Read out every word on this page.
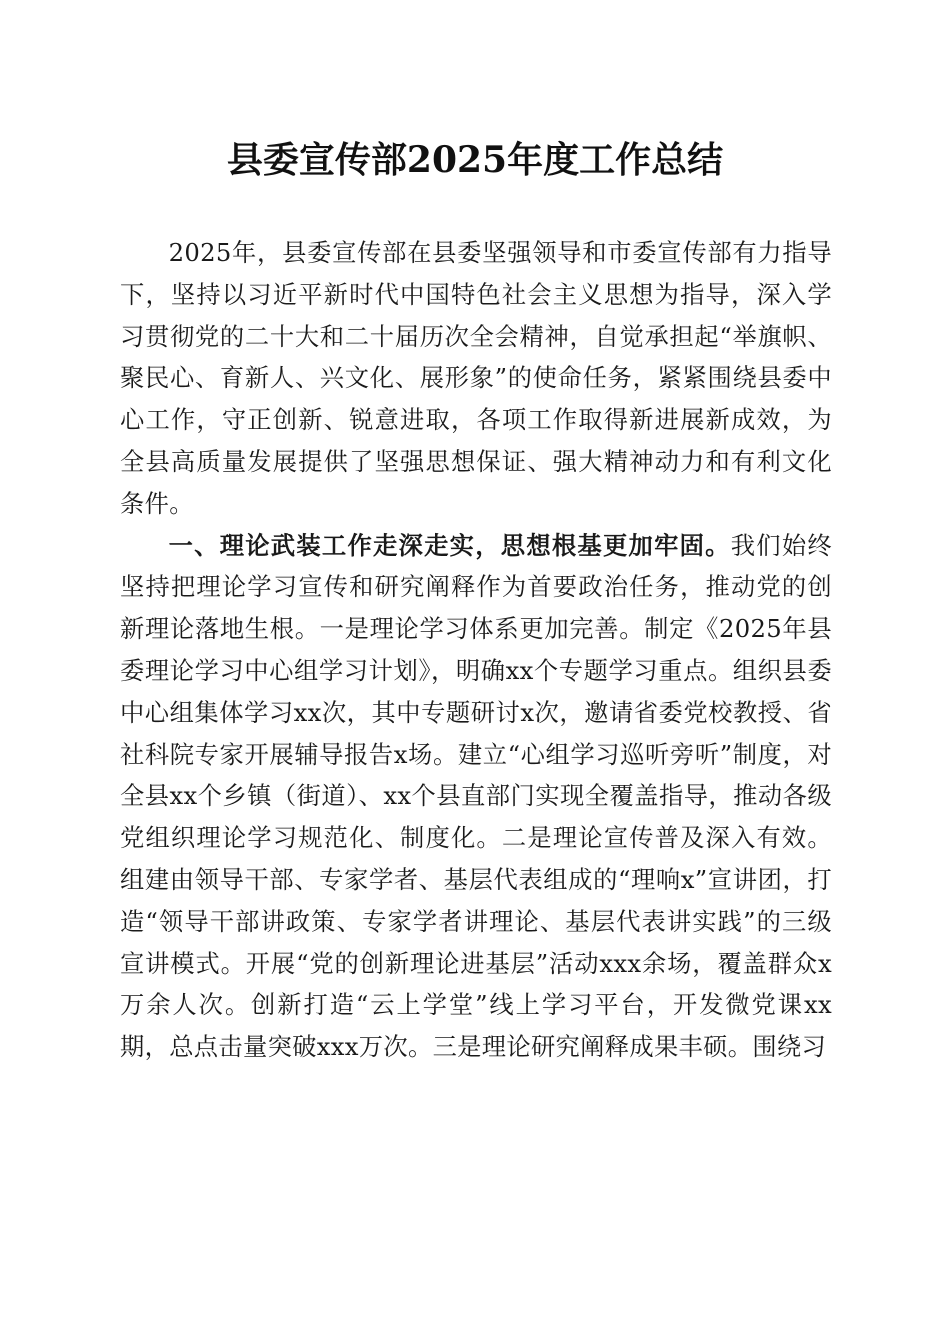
县委宣传部2025年度工作总结

2025年，县委宣传部在县委坚强领导和市委宣传部有力指导下，坚持以习近平新时代中国特色社会主义思想为指导，深入学习贯彻党的二十大和二十届历次全会精神，自觉承担起“举旗帜、聚民心、育新人、兴文化、展形象”的使命任务，紧紧围绕县委中心工作，守正创新、锐意进取，各项工作取得新进展新成效，为全县高质量发展提供了坚强思想保证、强大精神动力和有利文化条件。

一、理论武装工作走深走实，思想根基更加牢固。我们始终坚持把理论学习宣传和研究阐释作为首要政治任务，推动党的创新理论落地生根。一是理论学习体系更加完善。制定《2025年县委理论学习中心组学习计划》，明确xx个专题学习重点。组织县委中心组集体学习xx次，其中专题研讨x次，邀请省委党校教授、省社科院专家开展辅导报告x场。建立“心组学习巡听旁听”制度，对全县xx个乡镇（街道）、xx个县直部门实现全覆盖指导，推动各级党组织理论学习规范化、制度化。二是理论宣传普及深入有效。组建由领导干部、专家学者、基层代表组成的“理响x”宣讲团，打造“领导干部讲政策、专家学者讲理论、基层代表讲实践”的三级宣讲模式。开展“党的创新理论进基层”活动xxx余场，覆盖群众x万余人次。创新打造“云上学堂”线上学习平台，开发微党课xx期，总点击量突破xxx万次。三是理论研究阐释成果丰硕。围绕习
